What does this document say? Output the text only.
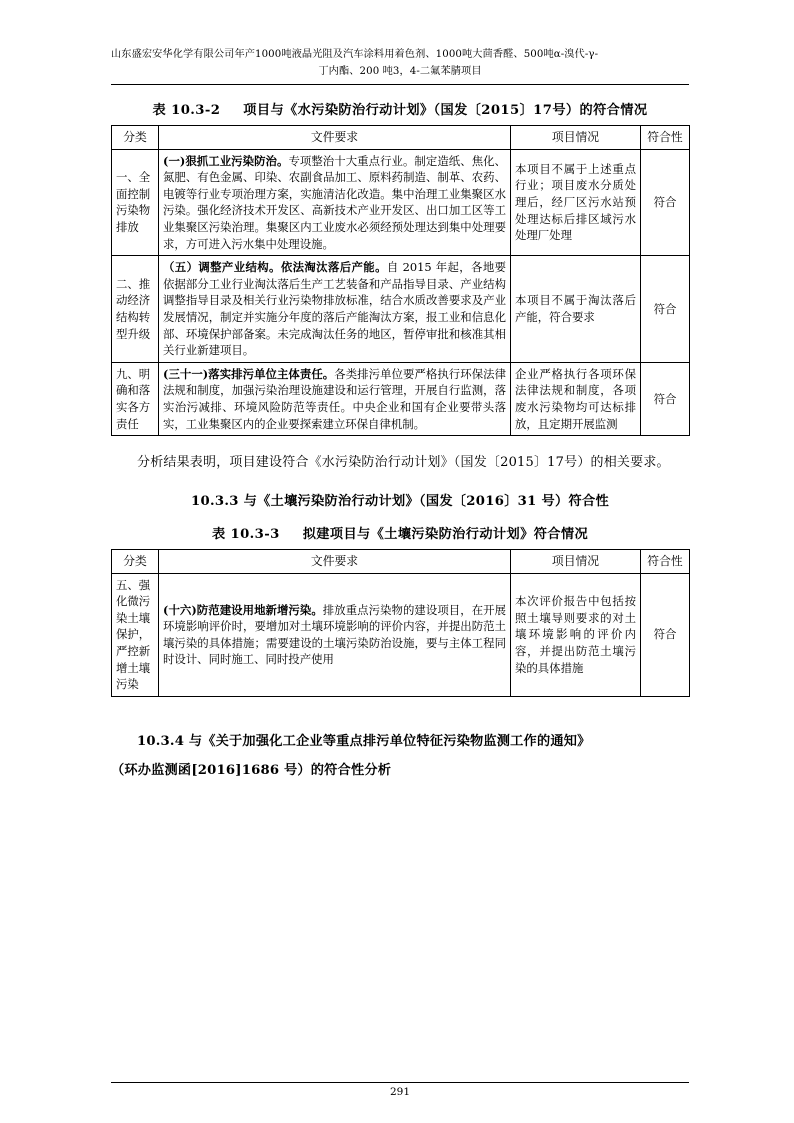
山东盛宏安华化学有限公司年产1000吨液晶光阻及汽车涂料用着色剂、1000吨大茴香醛、500吨α-溴代-γ-
丁内酯、200 吨3，4-二氟苯腈项目
表 10.3-2 项目与《水污染防治行动计划》（国发〔2015〕17号）的符合情况
分类	文件要求	项目情况	符合性
一、全面控制污染物排放	(一)狠抓工业污染防治。专项整治十大重点行业。制定造纸、焦化、氮肥、有色金属、印染、农副食品加工、原料药制造、制革、农药、电镀等行业专项治理方案，实施清洁化改造。集中治理工业集聚区水污染。强化经济技术开发区、高新技术产业开发区、出口加工区等工业集聚区污染治理。集聚区内工业废水必须经预处理达到集中处理要求，方可进入污水集中处理设施。	本项目不属于上述重点行业；项目废水分质处理后，经厂区污水站预处理达标后排区域污水处理厂处理	符合
二、推动经济结构转型升级	（五）调整产业结构。依法淘汰落后产能。自 2015 年起，各地要依据部分工业行业淘汰落后生产工艺装备和产品指导目录、产业结构调整指导目录及相关行业污染物排放标准，结合水质改善要求及产业发展情况，制定并实施分年度的落后产能淘汰方案，报工业和信息化部、环境保护部备案。未完成淘汰任务的地区，暂停审批和核准其相关行业新建项目。	本项目不属于淘汰落后产能，符合要求	符合
九、明确和落实各方责任	(三十一)落实排污单位主体责任。各类排污单位要严格执行环保法律法规和制度，加强污染治理设施建设和运行管理，开展自行监测，落实治污减排、环境风险防范等责任。中央企业和国有企业要带头落实，工业集聚区内的企业要探索建立环保自律机制。	企业严格执行各项环保法律法规和制度，各项废水污染物均可达标排放，且定期开展监测	符合

分析结果表明，项目建设符合《水污染防治行动计划》（国发〔2015〕17号）的相关要求。

10.3.3 与《土壤污染防治行动计划》（国发〔2016〕31 号）符合性
表 10.3-3 拟建项目与《土壤污染防治行动计划》符合情况
分类	文件要求	项目情况	符合性
五、强化微污染土壤保护，严控新增土壤污染	(十六)防范建设用地新增污染。排放重点污染物的建设项目，在开展环境影响评价时，要增加对土壤环境影响的评价内容，并提出防范土壤污染的具体措施；需要建设的土壤污染防治设施，要与主体工程同时设计、同时施工、同时投产使用	本次评价报告中包括按照土壤导则要求的对土壤环境影响的评价内容，并提出防范土壤污染的具体措施	符合
10.3.4 与《关于加强化工企业等重点排污单位特征污染物监测工作的通知》
（环办监测函[2016]1686 号）的符合性分析
291
